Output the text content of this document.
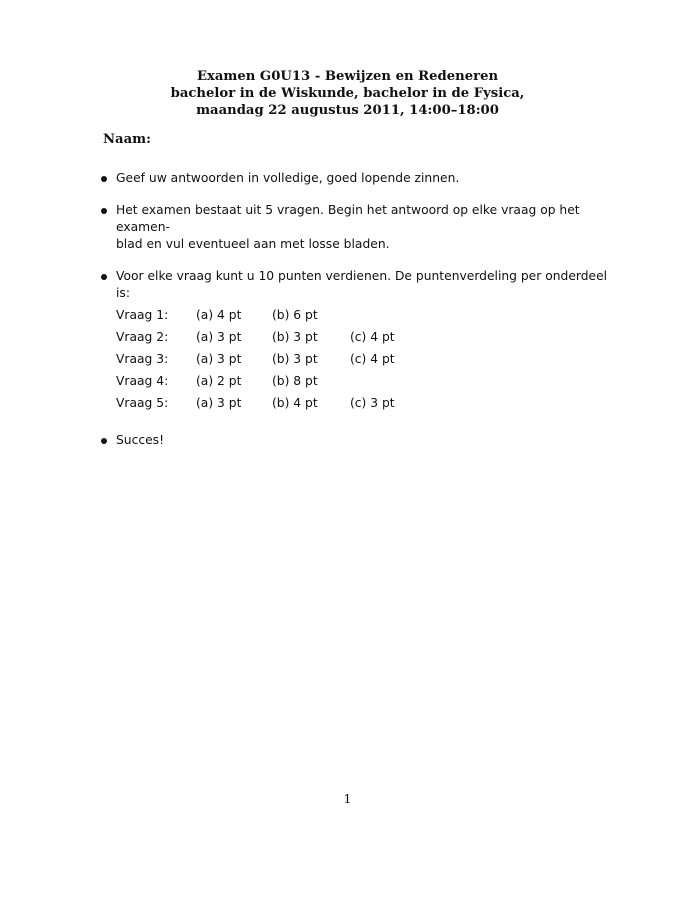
Examen G0U13 - Bewijzen en Redeneren
bachelor in de Wiskunde, bachelor in de Fysica,
maandag 22 augustus 2011, 14:00–18:00
Naam:
Geef uw antwoorden in volledige, goed lopende zinnen.
Het examen bestaat uit 5 vragen. Begin het antwoord op elke vraag op het examen-
blad en vul eventueel aan met losse bladen.
Voor elke vraag kunt u 10 punten verdienen. De puntenverdeling per onderdeel is:
Vraag 1:	(a) 4 pt	(b) 6 pt	
Vraag 2:	(a) 3 pt	(b) 3 pt	(c) 4 pt
Vraag 3:	(a) 3 pt	(b) 3 pt	(c) 4 pt
Vraag 4:	(a) 2 pt	(b) 8 pt	
Vraag 5:	(a) 3 pt	(b) 4 pt	(c) 3 pt
Succes!
1
